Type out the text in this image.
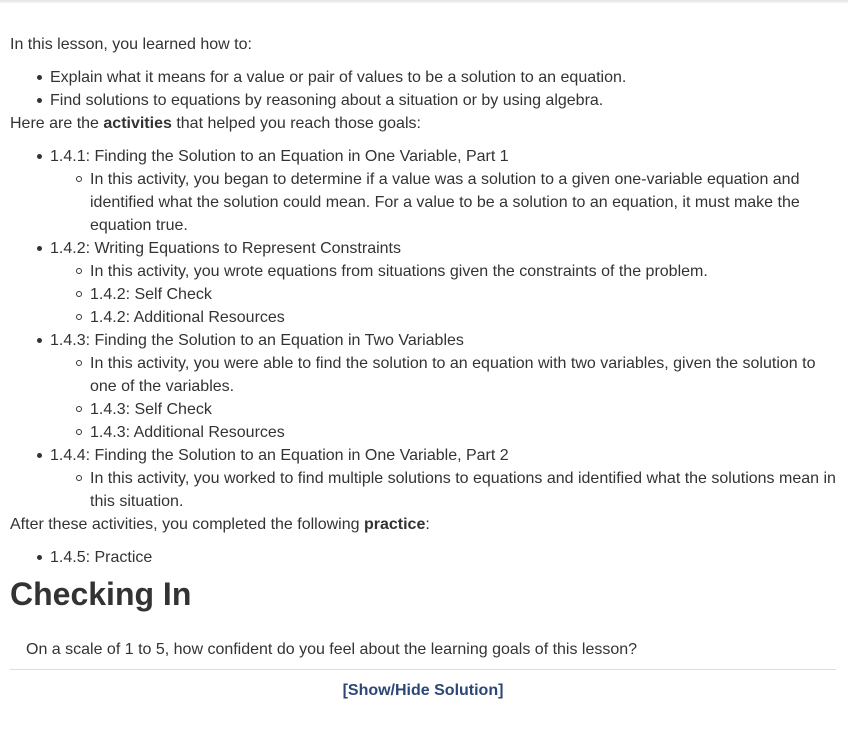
In this lesson, you learned how to:

Explain what it means for a value or pair of values to be a solution to an equation.
Find solutions to equations by reasoning about a situation or by using algebra.

Here are the activities that helped you reach those goals:

1.4.1: Finding the Solution to an Equation in One Variable, Part 1
In this activity, you began to determine if a value was a solution to a given one-variable equation and identified what the solution could mean. For a value to be a solution to an equation, it must make the equation true.
1.4.2: Writing Equations to Represent Constraints
In this activity, you wrote equations from situations given the constraints of the problem.
1.4.2: Self Check
1.4.2: Additional Resources
1.4.3: Finding the Solution to an Equation in Two Variables
In this activity, you were able to find the solution to an equation with two variables, given the solution to one of the variables.
1.4.3: Self Check
1.4.3: Additional Resources
1.4.4: Finding the Solution to an Equation in One Variable, Part 2
In this activity, you worked to find multiple solutions to equations and identified what the solutions mean in this situation.

After these activities, you completed the following practice:

1.4.5: Practice
Checking In

On a scale of 1 to 5, how confident do you feel about the learning goals of this lesson?

[Show/Hide Solution]
